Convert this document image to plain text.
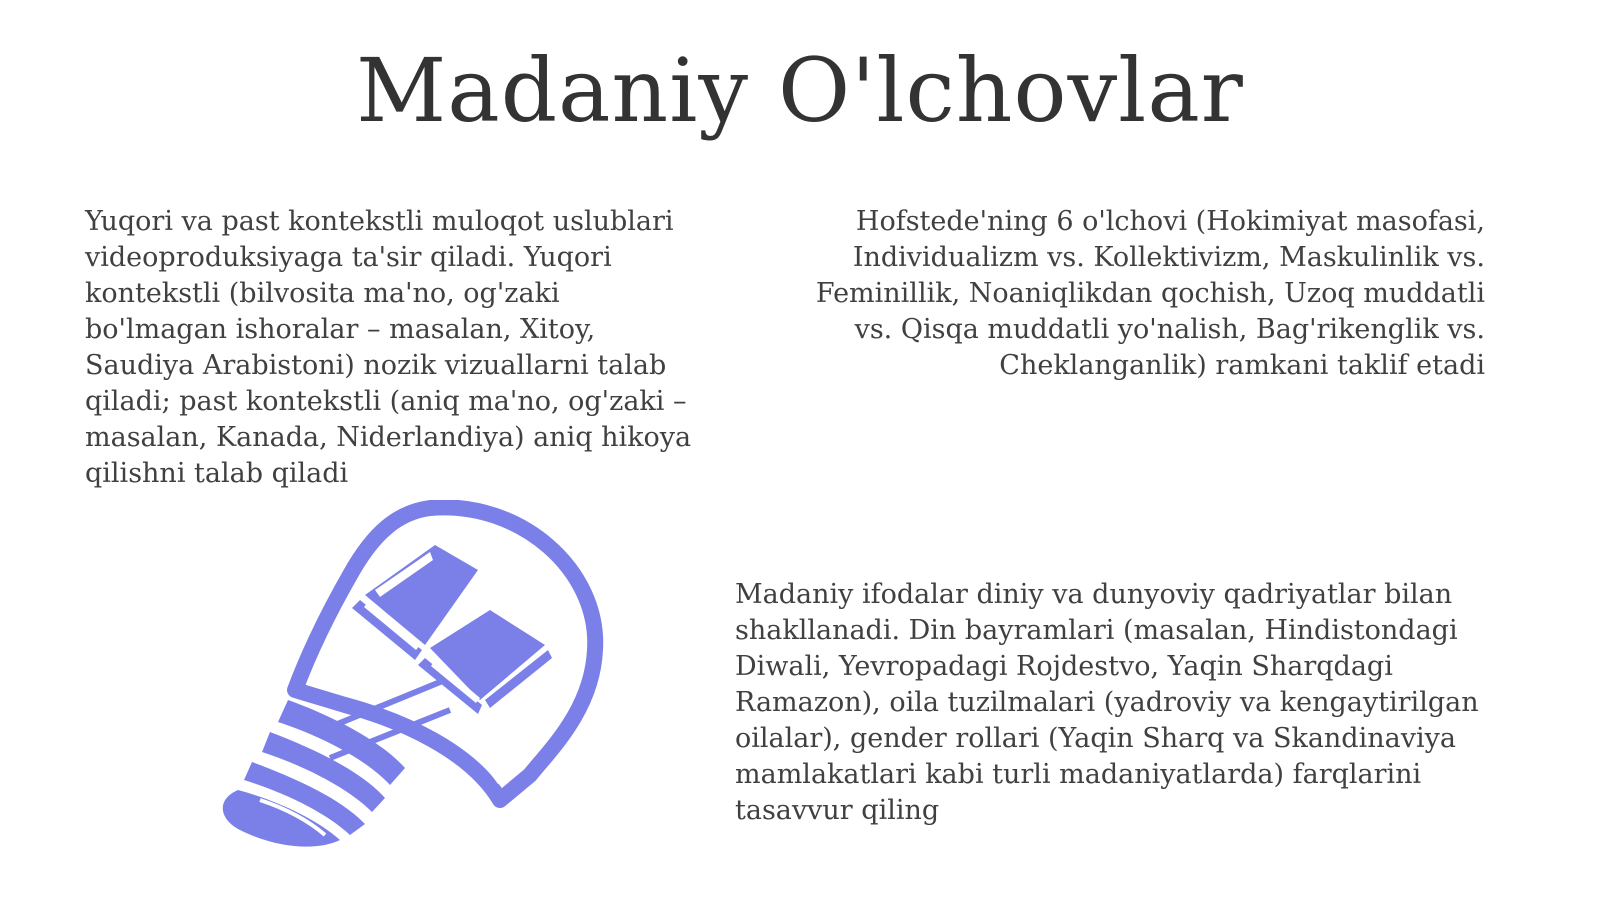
Madaniy O'lchovlar

Yuqori va past kontekstli muloqot uslublari videoproduksiyaga ta'sir qiladi. Yuqori kontekstli (bilvosita ma'no, og'zaki bo'lmagan ishoralar – masalan, Xitoy, Saudiya Arabistoni) nozik vizuallarni talab qiladi; past kontekstli (aniq ma'no, og'zaki – masalan, Kanada, Niderlandiya) aniq hikoya qilishni talab qiladi

Hofstede'ning 6 o'lchovi (Hokimiyat masofasi, Individualizm vs. Kollektivizm, Maskulinlik vs. Feminillik, Noaniqlikdan qochish, Uzoq muddatli vs. Qisqa muddatli yo'nalish, Bag'rikenglik vs. Cheklanganlik) ramkani taklif etadi

Madaniy ifodalar diniy va dunyoviy qadriyatlar bilan shakllanadi. Din bayramlari (masalan, Hindistondagi Diwali, Yevropadagi Rojdestvo, Yaqin Sharqdagi Ramazon), oila tuzilmalari (yadroviy va kengaytirilgan oilalar), gender rollari (Yaqin Sharq va Skandinaviya mamlakatlari kabi turli madaniyatlarda) farqlarini tasavvur qiling
